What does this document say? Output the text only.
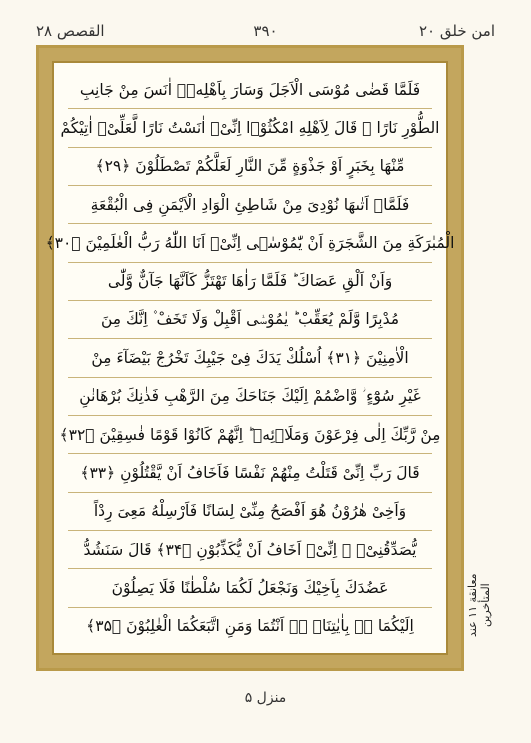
القصص ۲۸	۳۹۰	امن خلق ۲۰
فَلَمَّا قَضٰى مُوْسَى الْاَجَلَ وَسَارَ بِاَهْلِهٖۤ اٰنَسَ مِنْ جَانِبِ
الطُّوْرِ نَارًا ۚ قَالَ لِاَهْلِهِ امْكُثُوْۤا اِنِّیْۤ اٰنَسْتُ نَارًا لَّعَلِّیْۤ اٰتِیْكُمْ
مِّنْهَا بِخَبَرٍ اَوْ جَذْوَةٍ مِّنَ النَّارِ لَعَلَّكُمْ تَصْطَلُوْنَ ﴿۲۹﴾
فَلَمَّاۤ اَتٰىهَا نُوْدِیَ مِنْ شَاطِئِ الْوَادِ الْاَیْمَنِ فِی الْبُقْعَةِ
الْمُبٰرَكَةِ مِنَ الشَّجَرَةِ اَنْ یّٰمُوْسٰۤى اِنِّیْۤ اَنَا اللّٰهُ رَبُّ الْعٰلَمِیْنَ ﴿۳۰﴾
وَاَنْ اَلْقِ عَصَاكَ ؕ فَلَمَّا رَاٰهَا تَهْتَزُّ كَاَنَّهَا جَآنٌّ وَّلّٰى
مُدْبِرًا وَّلَمْ یُعَقِّبْ ؕ یٰمُوْسٰۤى اَقْبِلْ وَلَا تَخَفْ ۫ اِنَّكَ مِنَ
الْاٰمِنِیْنَ ﴿۳۱﴾ اُسْلُكْ یَدَكَ فِیْ جَیْبِكَ تَخْرُجْ بَیْضَآءَ مِنْ
غَیْرِ سُوْٓءٍ ؗ وَّاضْمُمْ اِلَیْكَ جَنَاحَكَ مِنَ الرَّهْبِ فَذٰنِكَ بُرْهَانٰنِ
مِنْ رَّبِّكَ اِلٰى فِرْعَوْنَ وَمَلَا۟ئِهٖ ؕ اِنَّهُمْ كَانُوْا قَوْمًا فٰسِقِیْنَ ﴿۳۲﴾
قَالَ رَبِّ اِنِّیْ قَتَلْتُ مِنْهُمْ نَفْسًا فَاَخَافُ اَنْ یَّقْتُلُوْنِ ﴿۳۳﴾
وَاَخِیْ هٰرُوْنُ هُوَ اَفْصَحُ مِنِّیْ لِسَانًا فَاَرْسِلْهُ مَعِیَ رِدْاً
یُّصَدِّقُنِیْۤ ؗ اِنِّیْۤ اَخَافُ اَنْ یُّكَذِّبُوْنِ ﴿۳۴﴾ قَالَ سَنَشُدُّ
عَضُدَكَ بِاَخِیْكَ وَنَجْعَلُ لَكُمَا سُلْطٰنًا فَلَا یَصِلُوْنَ
اِلَیْكُمَا ۚۛ بِاٰیٰتِنَاۤ ۚۛ اَنْتُمَا وَمَنِ اتَّبَعَكُمَا الْغٰلِبُوْنَ ﴿۳۵﴾	معانقة ۱۱ عند المتأخرین
منزل ۵
